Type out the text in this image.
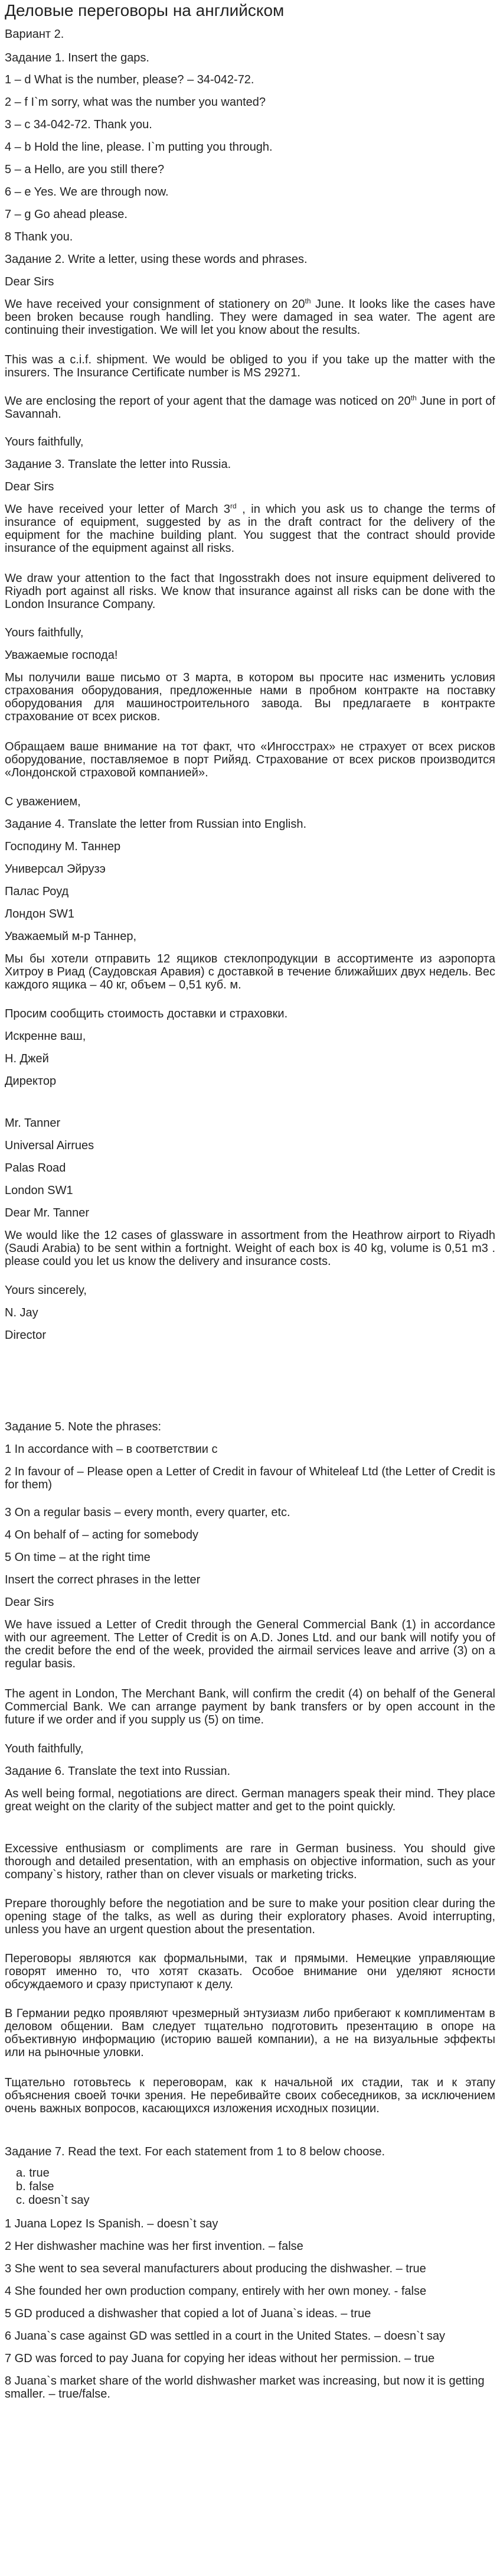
Деловые переговоры на английском

Вариант 2.

Задание 1. Insert the gaps.

1 – d What is the number, please? – 34-042-72.

2 – f I`m sorry, what was the number you wanted?

3 – c 34-042-72. Thank you.

4 – b Hold the line, please. I`m putting you through.

5 – a Hello, are you still there?

6 – e Yes. We are through now.

7 – g Go ahead please.

8 Thank you.

Задание 2. Write a letter, using these words and phrases.

Dear Sirs

We have received your consignment of stationery on 20th June. It looks like the cases have been broken because rough handling. They were damaged in sea water. The agent are continuing their investigation. We will let you know about the results.

This was a c.i.f. shipment. We would be obliged to you if you take up the matter with the insurers. The Insurance Certificate number is MS 29271.

We are enclosing the report of your agent that the damage was noticed on 20th June in port of Savannah.

Yours faithfully,

Задание 3. Translate the letter into Russia.

Dear Sirs

We have received your letter of March 3rd , in which you ask us to change the terms of insurance of equipment, suggested by as in the draft contract for the delivery of the equipment for the machine building plant. You suggest that the contract should provide insurance of the equipment against all risks.

We draw your attention to the fact that Ingosstrakh does not insure equipment delivered to Riyadh port against all risks. We know that insurance against all risks can be done with the London Insurance Company.

Yours faithfully,

Уважаемые господа!

Мы получили ваше письмо от 3 марта, в котором вы просите нас изменить условия страхования оборудования, предложенные нами в пробном контракте на поставку оборудования для машиностроительного завода. Вы предлагаете в контракте страхование от всех рисков.

Обращаем ваше внимание на тот факт, что «Ингосстрах» не страхует от всех рисков оборудование, поставляемое в порт Рийяд. Страхование от всех рисков производится «Лондонской страховой компанией».

С уважением,

Задание 4. Translate the letter from Russian into English.

Господину М. Таннер

Универсал Эйрузэ

Палас Роуд

Лондон SW1

Уважаемый м-р Таннер,

Мы бы хотели отправить 12 ящиков стеклопродукции в ассортименте из аэропорта Хитроу в Риад (Саудовская Аравия) с доставкой в течение ближайших двух недель. Вес каждого ящика – 40 кг, объем – 0,51 куб. м.

Просим сообщить стоимость доставки и страховки.

Искренне ваш,

Н. Джей

Директор

Mr. Tanner

Universal Airrues

Palas Road

London SW1

Dear Mr. Tanner

We would like the 12 cases of glassware in assortment from the Heathrow airport to Riyadh (Saudi Arabia) to be sent within a fortnight. Weight of each box is 40 kg, volume is 0,51 m3 . please could you let us know the delivery and insurance costs.

Yours sincerely,

N. Jay

Director

Задание 5. Note the phrases:

1 In accordance with – в соответствии с

2 In favour of – Please open a Letter of Credit in favour of Whiteleaf Ltd (the Letter of Credit is for them)

3 On a regular basis – every month, every quarter, etc.

4 On behalf of – acting for somebody

5 On time – at the right time

Insert the correct phrases in the letter

Dear Sirs

We have issued a Letter of Credit through the General Commercial Bank (1) in accordance with our agreement. The Letter of Credit is on A.D. Jones Ltd. and our bank will notify you of the credit before the end of the week, provided the airmail services leave and arrive (3) on a regular basis.

The agent in London, The Merchant Bank, will confirm the credit (4) on behalf of the General Commercial Bank. We can arrange payment by bank transfers or by open account in the future if we order and if you supply us (5) on time.

Youth faithfully,

Задание 6. Translate the text into Russian.

As well being formal, negotiations are direct. German managers speak their mind. They place great weight on the clarity of the subject matter and get to the point quickly.

Excessive enthusiasm or compliments are rare in German business. You should give thorough and detailed presentation, with an emphasis on objective information, such as your company`s history, rather than on clever visuals or marketing tricks.

Prepare thoroughly before the negotiation and be sure to make your position clear during the opening stage of the talks, as well as during their exploratory phases. Avoid interrupting, unless you have an urgent question about the presentation.

Переговоры являются как формальными, так и прямыми. Немецкие управляющие говорят именно то, что хотят сказать. Особое внимание они уделяют ясности обсуждаемого и сразу приступают к делу.

В Германии редко проявляют чрезмерный энтузиазм либо прибегают к комплиментам в деловом общении. Вам следует тщательно подготовить презентацию в опоре на объективную информацию (историю вашей компании), а не на визуальные эффекты или на рыночные уловки.

Тщательно готовьтесь к переговорам, как к начальной их стадии, так и к этапу объяснения своей точки зрения. Не перебивайте своих собеседников, за исключением очень важных вопросов, касающихся изложения исходных позиции.

Задание 7. Read the text. For each statement from 1 to 8 below choose.

a. true

b. false

c. doesn`t say

1 Juana Lopez Is Spanish. – doesn`t say

2 Her dishwasher machine was her first invention. – false

3 She went to sea several manufacturers about producing the dishwasher. – true

4 She founded her own production company, entirely with her own money. - false

5 GD produced a dishwasher that copied a lot of Juana`s ideas. – true

6 Juana`s case against GD was settled in a court in the United States. – doesn`t say

7 GD was forced to pay Juana for copying her ideas without her permission. – true

8 Juana`s market share of the world dishwasher market was increasing, but now it is getting smaller. – true/false.
